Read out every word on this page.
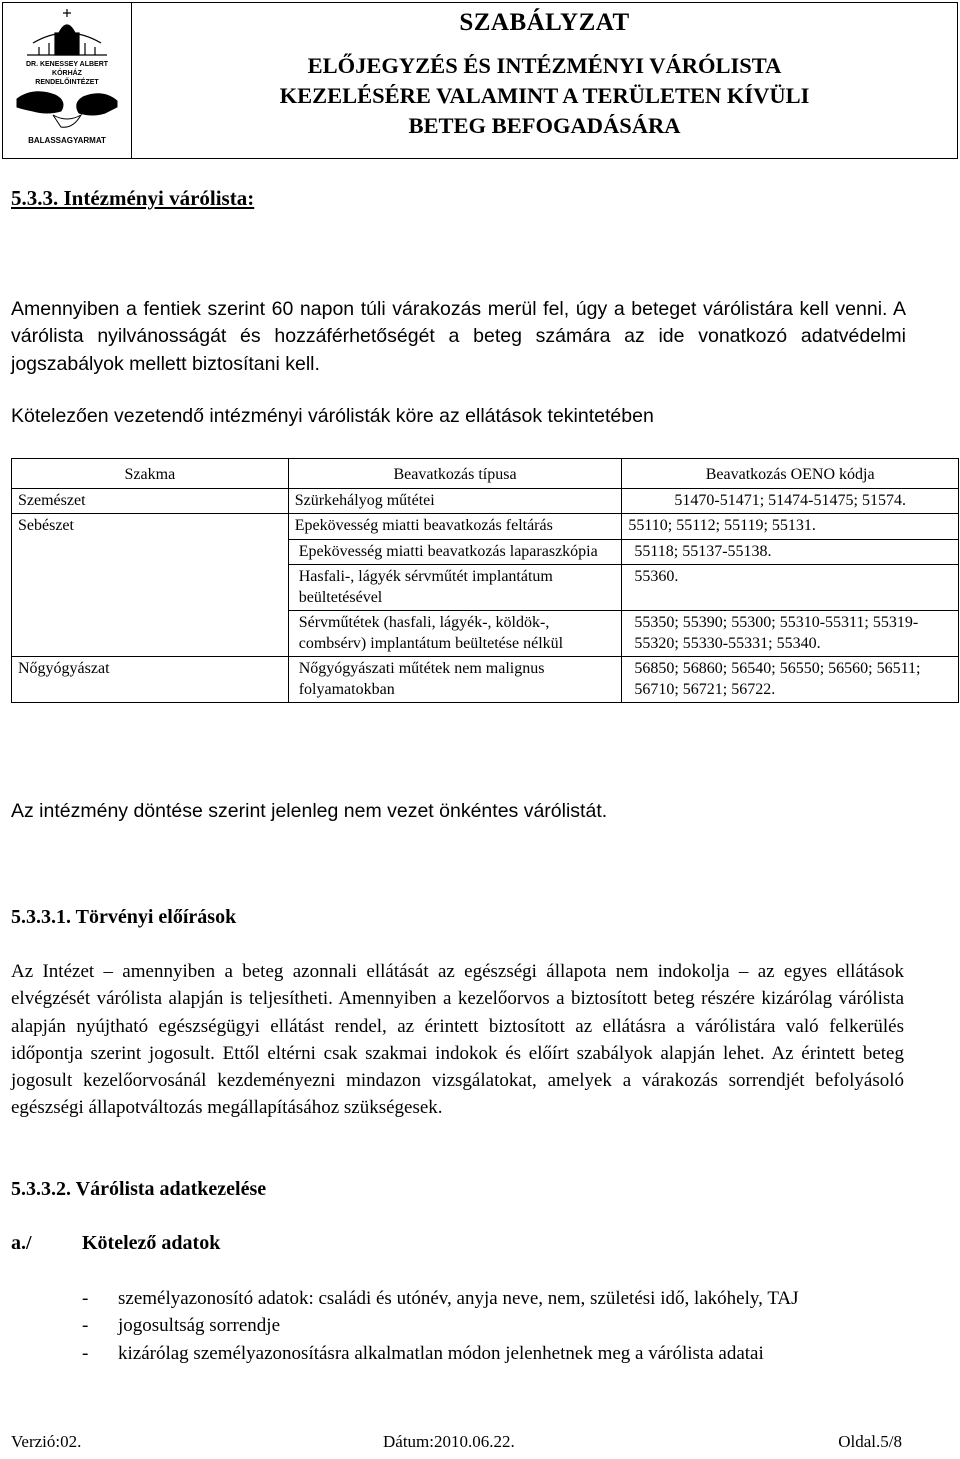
DR. KENESSEY ALBERT
KÓRHÁZ
RENDELŐINTÉZET
BALASSAGYARMAT
SZABÁLYZAT
ELŐJEGYZÉS ÉS INTÉZMÉNYI VÁRÓLISTA
KEZELÉSÉRE VALAMINT A TERÜLETEN KÍVÜLI
BETEG BEFOGADÁSÁRA
5.3.3. Intézményi várólista:
Amennyiben a fentiek szerint 60 napon túli várakozás merül fel, úgy a beteget várólistára kell venni. A várólista nyilvánosságát és hozzáférhetőségét a beteg számára az ide vonatkozó adatvédelmi jogszabályok mellett biztosítani kell.
Kötelezően vezetendő intézményi várólisták köre az ellátások tekintetében
Szakma	Beavatkozás típusa	Beavatkozás OENO kódja
Szemészet	Szürkehályog műtétei	51470-51471; 51474-51475; 51574.
Sebészet	Epekövesség miatti beavatkozás feltárás	55110; 55112; 55119; 55131.
	Epekövesség miatti beavatkozás laparaszkópia	55118; 55137-55138.
	Hasfali-, lágyék sérvműtét implantátum beültetésével	55360.
	Sérvműtétek (hasfali, lágyék-, köldök-, combsérv) implantátum beültetése nélkül	55350; 55390; 55300; 55310-55311; 55319-55320; 55330-55331; 55340.
Nőgyógyászat	Nőgyógyászati műtétek nem malignus folyamatokban	56850; 56860; 56540; 56550; 56560; 56511; 56710; 56721; 56722.
Az intézmény döntése szerint jelenleg nem vezet önkéntes várólistát.
5.3.3.1. Törvényi előírások
Az Intézet – amennyiben a beteg azonnali ellátását az egészségi állapota nem indokolja – az egyes ellátások elvégzését várólista alapján is teljesítheti. Amennyiben a kezelőorvos a biztosított beteg részére kizárólag várólista alapján nyújtható egészségügyi ellátást rendel, az érintett biztosított az ellátásra a várólistára való felkerülés időpontja szerint jogosult. Ettől eltérni csak szakmai indokok és előírt szabályok alapján lehet. Az érintett beteg jogosult kezelőorvosánál kezdeményezni mindazon vizsgálatokat, amelyek a várakozás sorrendjét befolyásoló egészségi állapotváltozás megállapításához szükségesek.
5.3.3.2. Várólista adatkezelése
a./	Kötelező adatok
-	személyazonosító adatok: családi és utónév, anyja neve, nem, születési idő, lakóhely, TAJ
-	jogosultság sorrendje
-	kizárólag személyazonosításra alkalmatlan módon jelenhetnek meg a várólista adatai
Verzió:02.	Dátum:2010.06.22.	Oldal.5/8
